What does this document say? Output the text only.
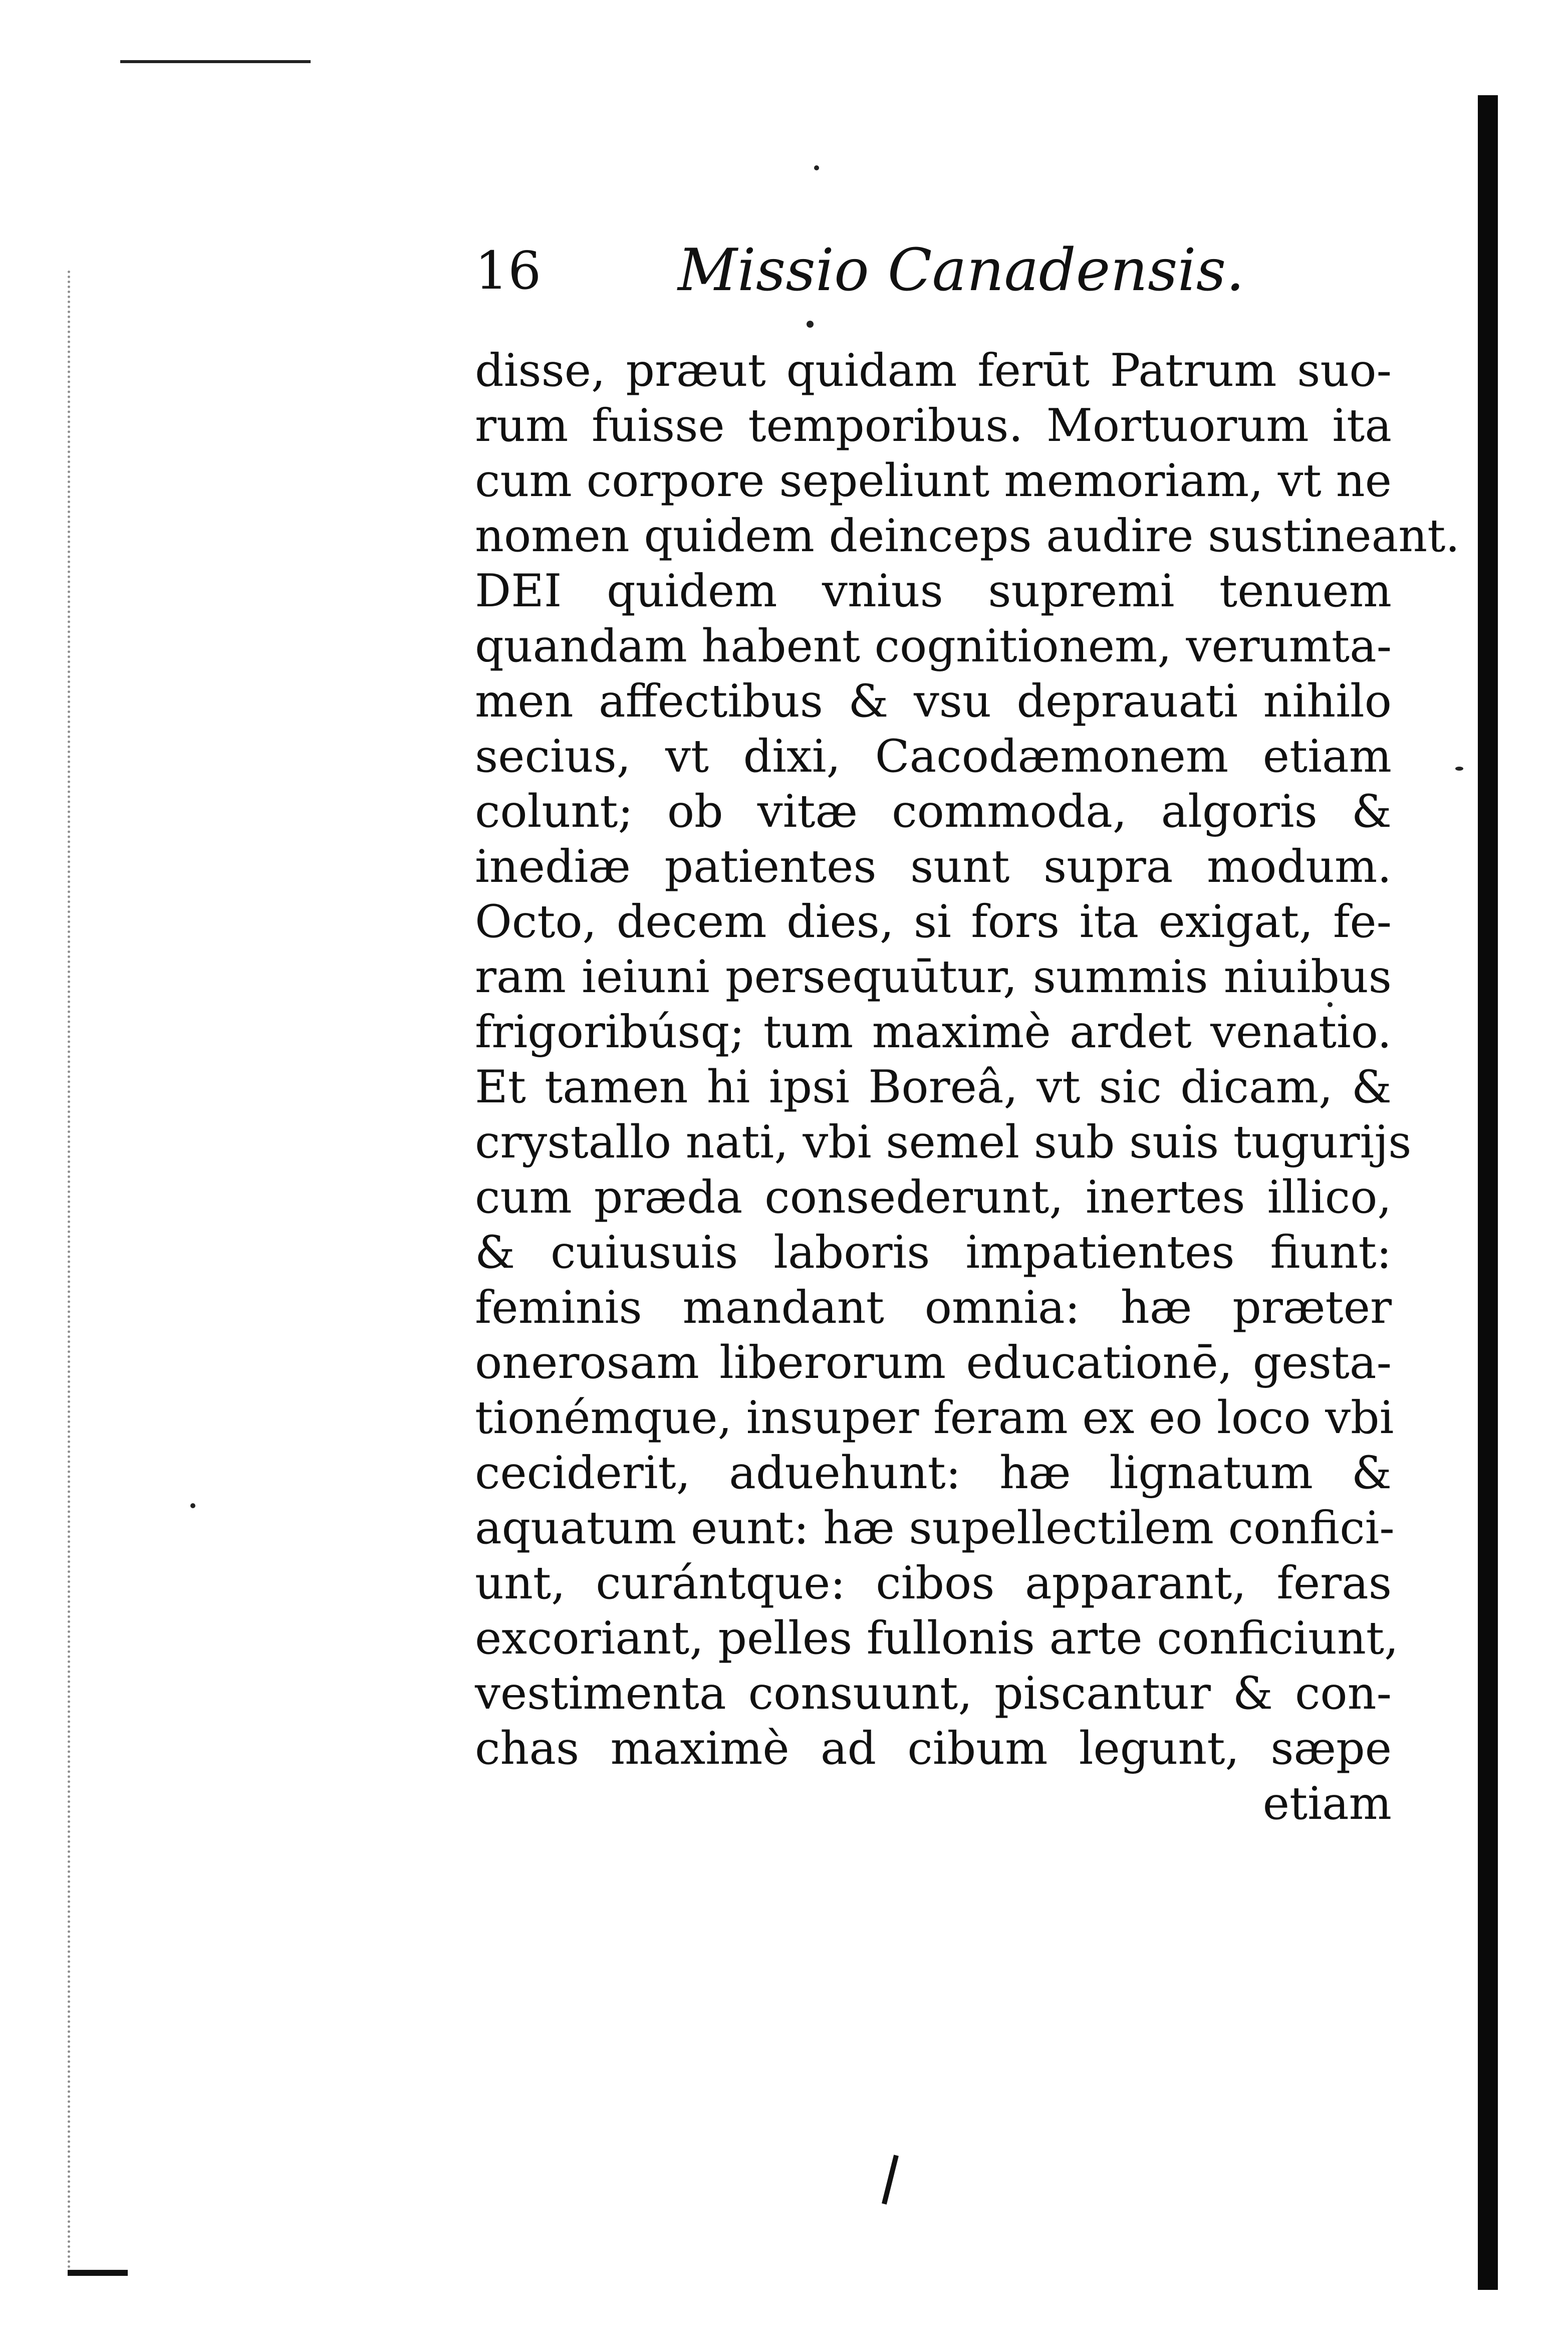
16 Missio Canadensis.
disse, præut quidam ferūt Patrum suo-
rum fuisse temporibus. Mortuorum ita
cum corpore sepeliunt memoriam, vt ne
nomen quidem deinceps audire sustineant.
DEI quidem vnius supremi tenuem
quandam habent cognitionem, verumta-
men affectibus & vsu deprauati nihilo
secius, vt dixi, Cacodæmonem etiam
colunt; ob vitæ commoda, algoris &
inediæ patientes sunt supra modum.
Octo, decem dies, si fors ita exigat, fe-
ram ieiuni persequūtur, summis niuibus
frigoribúsq; tum maximè ardet venatio.
Et tamen hi ipsi Boreâ, vt sic dicam, &
crystallo nati, vbi semel sub suis tugurijs
cum præda consederunt, inertes illico,
& cuiusuis laboris impatientes fiunt:
feminis mandant omnia: hæ præter
onerosam liberorum educationē, gesta-
tionémque, insuper feram ex eo loco vbi
ceciderit, aduehunt: hæ lignatum &
aquatum eunt: hæ supellectilem confici-
unt, curántque: cibos apparant, feras
excoriant, pelles fullonis arte conficiunt,
vestimenta consuunt, piscantur & con-
chas maximè ad cibum legunt, sæpe
etiam
